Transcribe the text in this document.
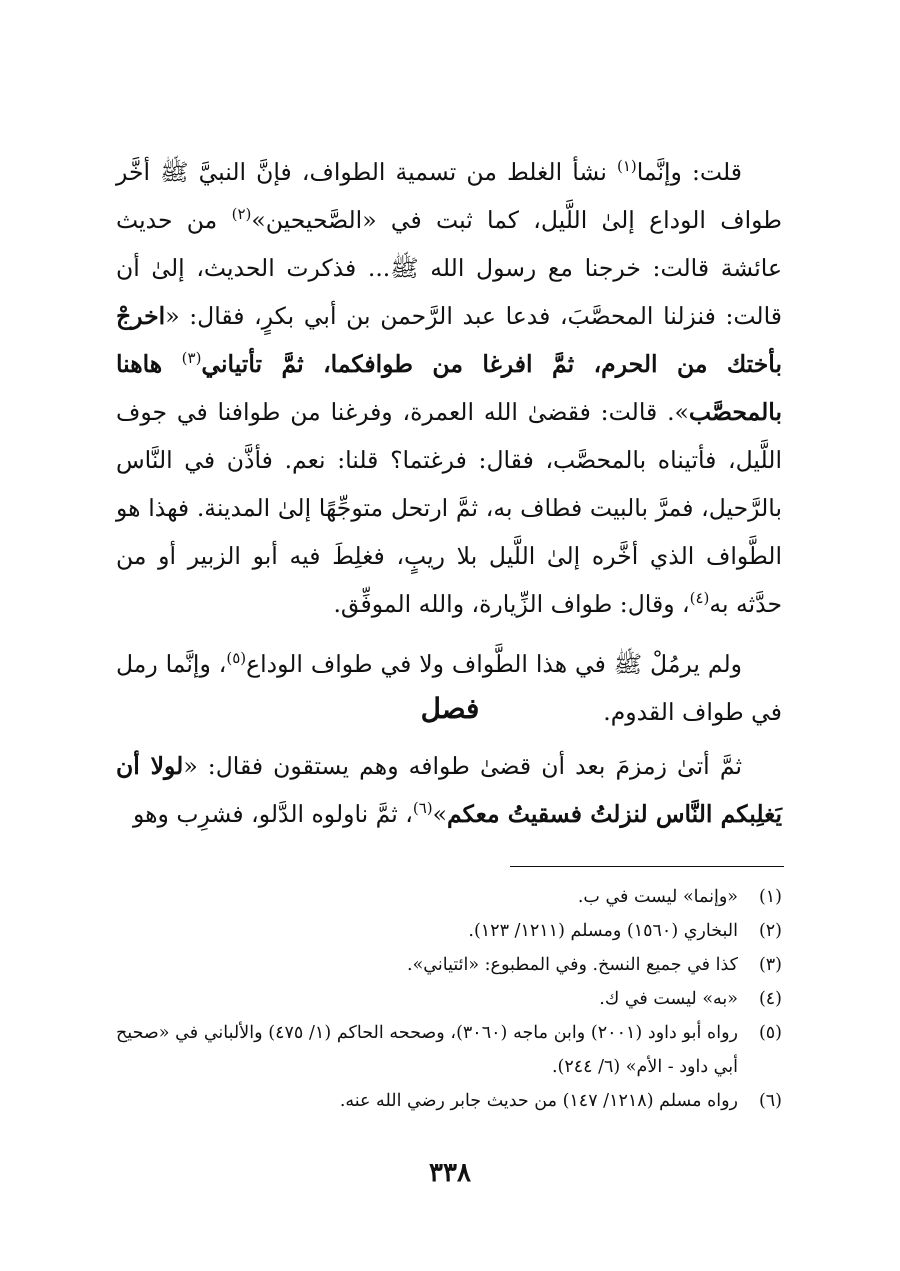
قلت: وإنَّما$^{(١)}$ نشأ الغلط من تسمية الطواف، فإنَّ النبيَّ ﷺ أخَّر طواف الوداع إلىٰ اللَّيل، كما ثبت في «الصَّحيحين»$^{(٢)}$ من حديث عائشة قالت: خرجنا مع رسول الله ﷺ... فذكرت الحديث، إلىٰ أن قالت: فنزلنا المحصَّبَ، فدعا عبد الرَّحمن بن أبي بكرٍ، فقال: «اخرجْ بأختك من الحرم، ثمَّ افرغا من طوافكما، ثمَّ تأتياني$^{(٣)}$ هاهنا بالمحصَّب». قالت: فقضىٰ الله العمرة، وفرغنا من طوافنا في جوف اللَّيل، فأتيناه بالمحصَّب، فقال: فرغتما؟ قلنا: نعم. فأذَّن في النَّاس بالرَّحيل، فمرَّ بالبيت فطاف به، ثمَّ ارتحل متوجِّهًا إلىٰ المدينة. فهذا هو الطَّواف الذي أخَّره إلىٰ اللَّيل بلا ريبٍ، فغلِطَ فيه أبو الزبير أو من حدَّثه به$^{(٤)}$، وقال: طواف الزِّيارة، والله الموفِّق.

ولم يرمُلْ ﷺ في هذا الطَّواف ولا في طواف الوداع$^{(٥)}$، وإنَّما رمل في طواف القدوم.

فصل

ثمَّ أتىٰ زمزمَ بعد أن قضىٰ طوافه وهم يستقون فقال: «لولا أن يَغلِبكم النَّاس لنزلتُ فسقيتُ معكم»$^{(٦)}$، ثمَّ ناولوه الدَّلو، فشرِب وهو

(١)
«وإنما» ليست في ب.
(٢)
البخاري (١٥٦٠) ومسلم (١٢١١/ ١٢٣).
(٣)
كذا في جميع النسخ. وفي المطبوع: «ائتياني».
(٤)
«به» ليست في ك.
(٥)
رواه أبو داود (٢٠٠١) وابن ماجه (٣٠٦٠)، وصححه الحاكم (١/ ٤٧٥) والألباني في «صحيح أبي داود - الأم» (٦/ ٢٤٤).
(٦)
رواه مسلم (١٢١٨/ ١٤٧) من حديث جابر رضي الله عنه.
٣٣٨
